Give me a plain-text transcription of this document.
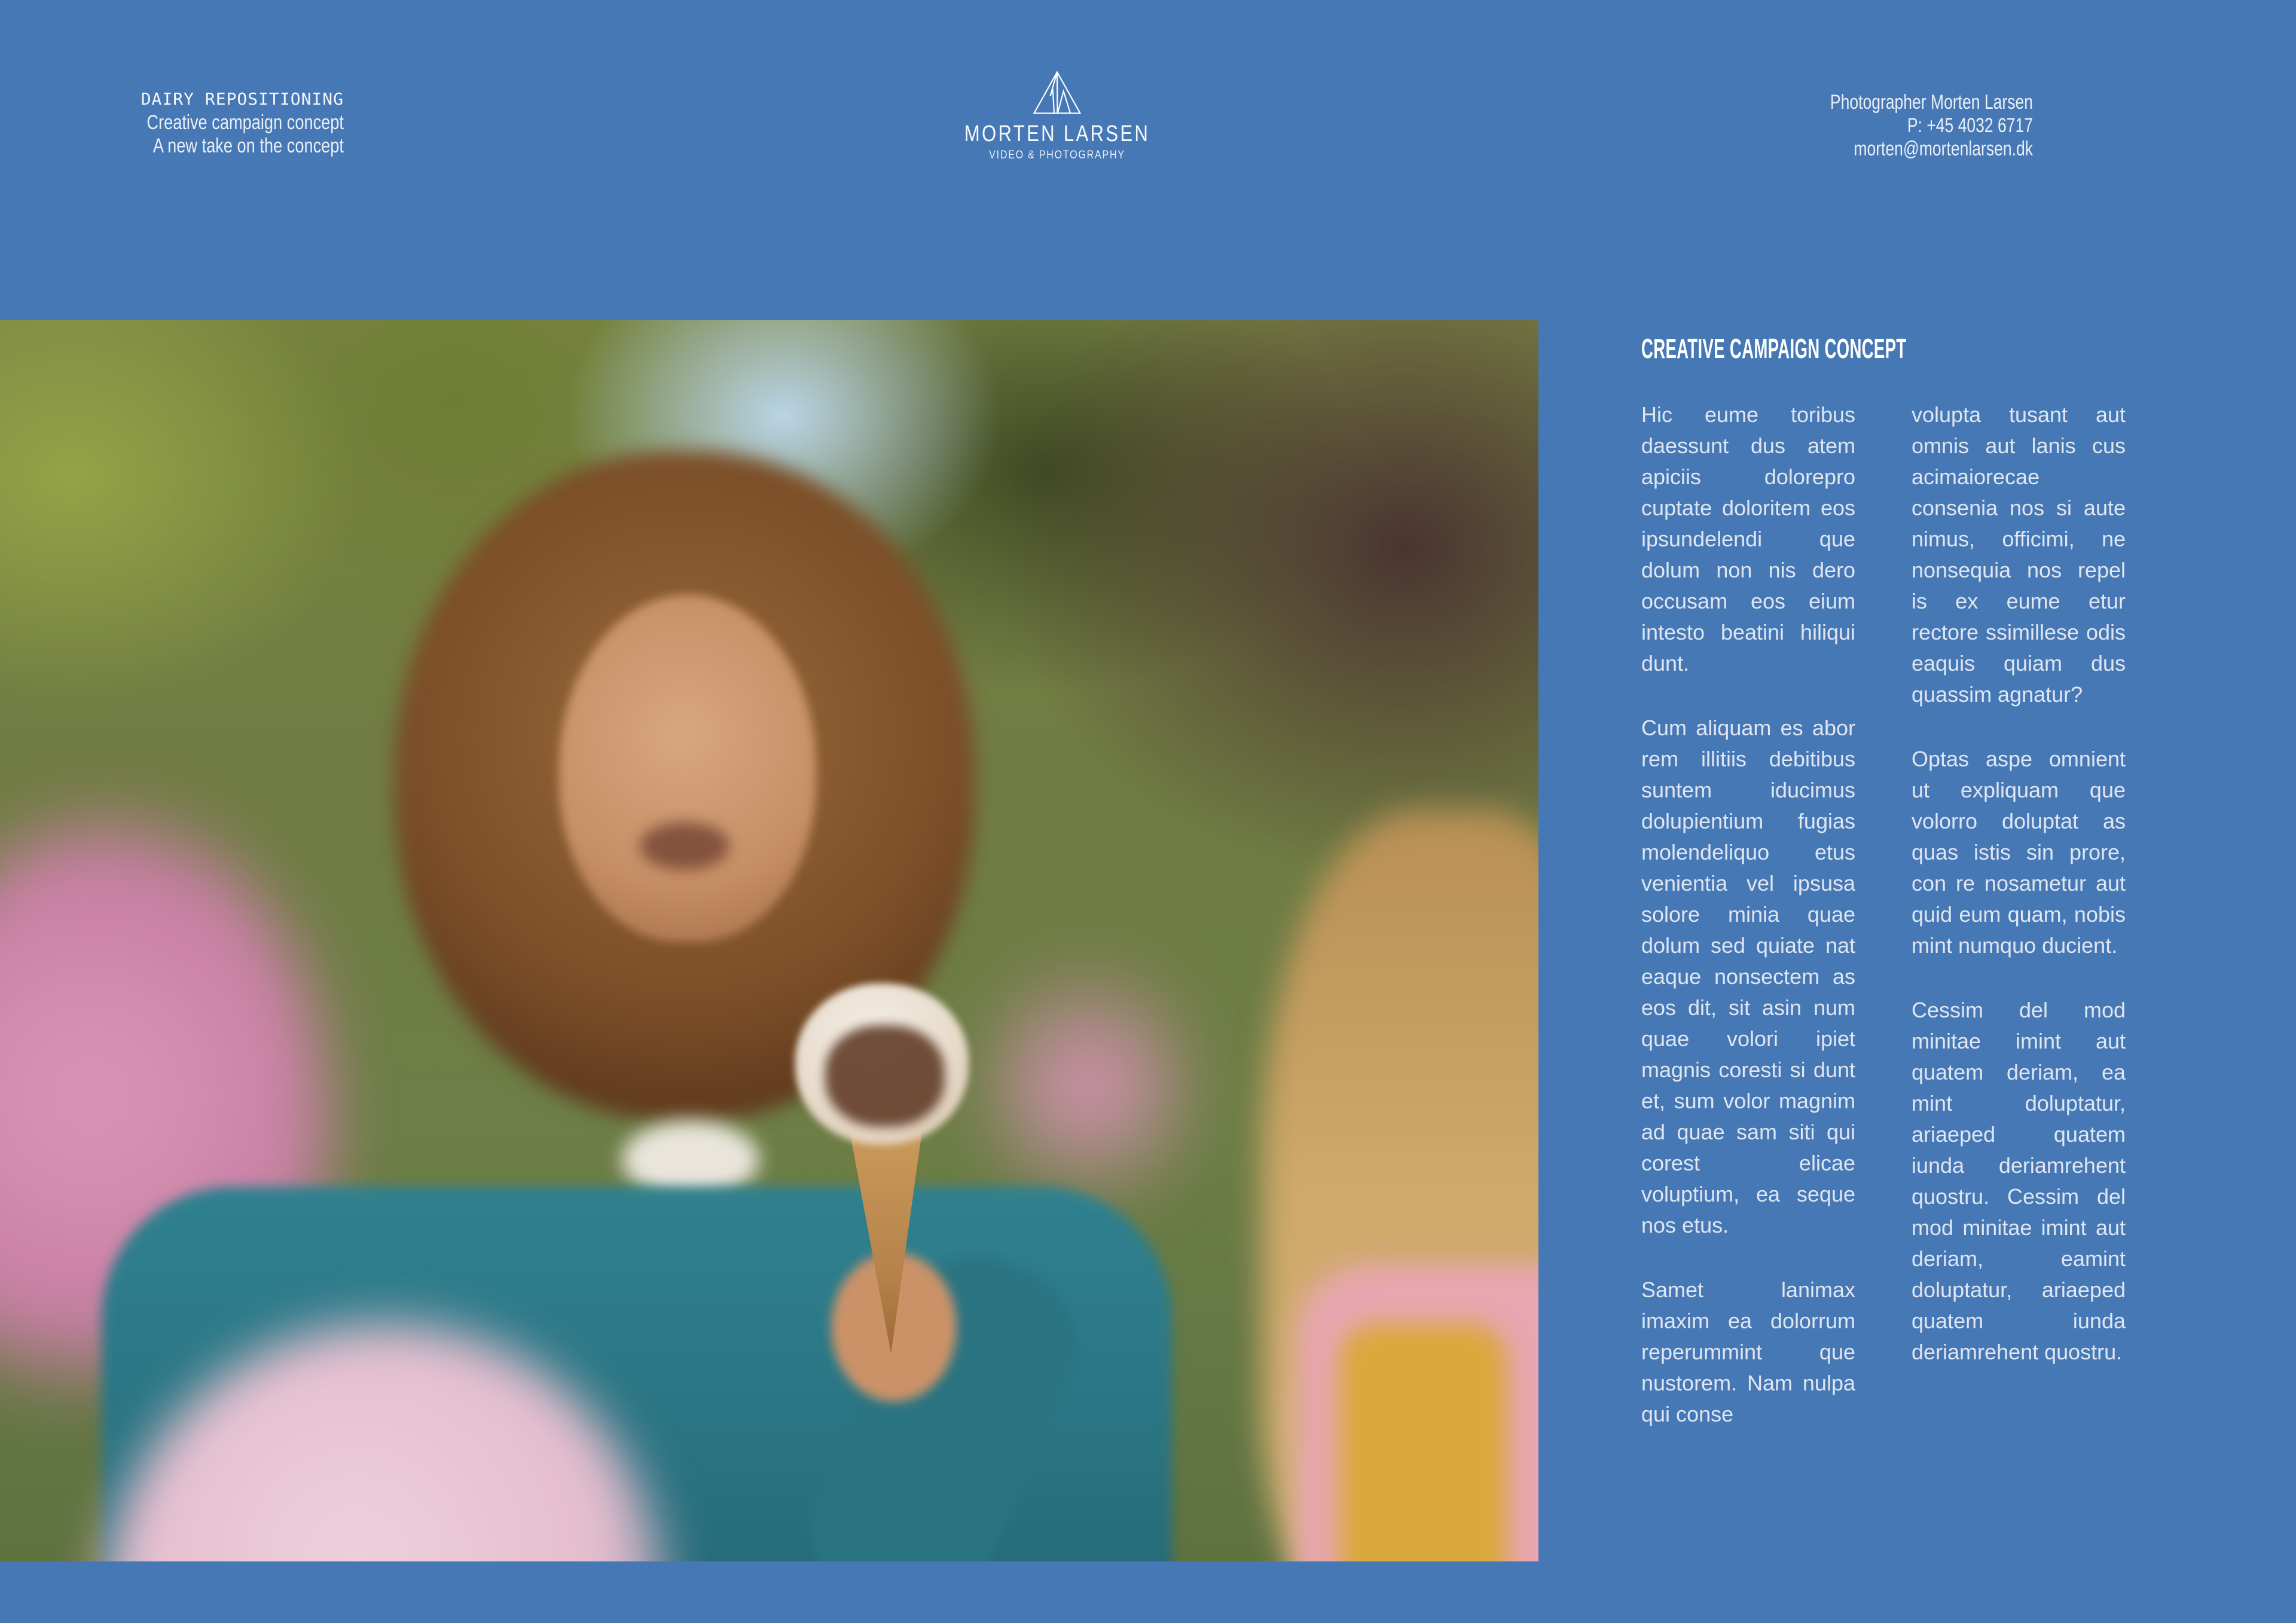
DAIRY REPOSITIONING
Creative campaign concept
A new take on the concept	MORTEN LARSEN
VIDEO & PHOTOGRAPHY
Photographer Morten Larsen
P: +45 4032 6717
morten@mortenlarsen.dk
CREATIVE CAMPAIGN CONCEPT

Hic eume toribus daessunt dus atem apiciis dolorepro cuptate doloritem eos ipsundelendi que dolum non nis dero occusam eos eium intesto beatini hiliqui dunt.

Cum aliquam es abor rem illitiis debitibus suntem iducimus dolupientium fugias molendeliquo etus venientia vel ipsusa solore minia quae dolum sed quiate nat eaque nonsectem as eos dit, sit asin num quae volori ipiet magnis coresti si dunt et, sum volor magnim ad quae sam siti qui corest elicae voluptium, ea seque nos etus.

Samet lanimax imaxim ea dolorrum reperummint que nustorem. Nam nulpa qui conse

volupta tusant aut omnis aut lanis cus acimaiorecae consenia nos si aute nimus, officimi, ne nonsequia nos repel is ex eume etur rectore ssimillese odis eaquis quiam dus quassim agnatur?

Optas aspe omnient ut expliquam que volorro doluptat as quas istis sin prore, con re nosametur aut quid eum quam, nobis mint numquo ducient.

Cessim del mod minitae imint aut quatem deriam, ea mint doluptatur, ariaeped quatem iunda deriamrehent quostru. Cessim del mod minitae imint aut deriam, eamint doluptatur, ariaeped quatem iunda deriamrehent quostru.
